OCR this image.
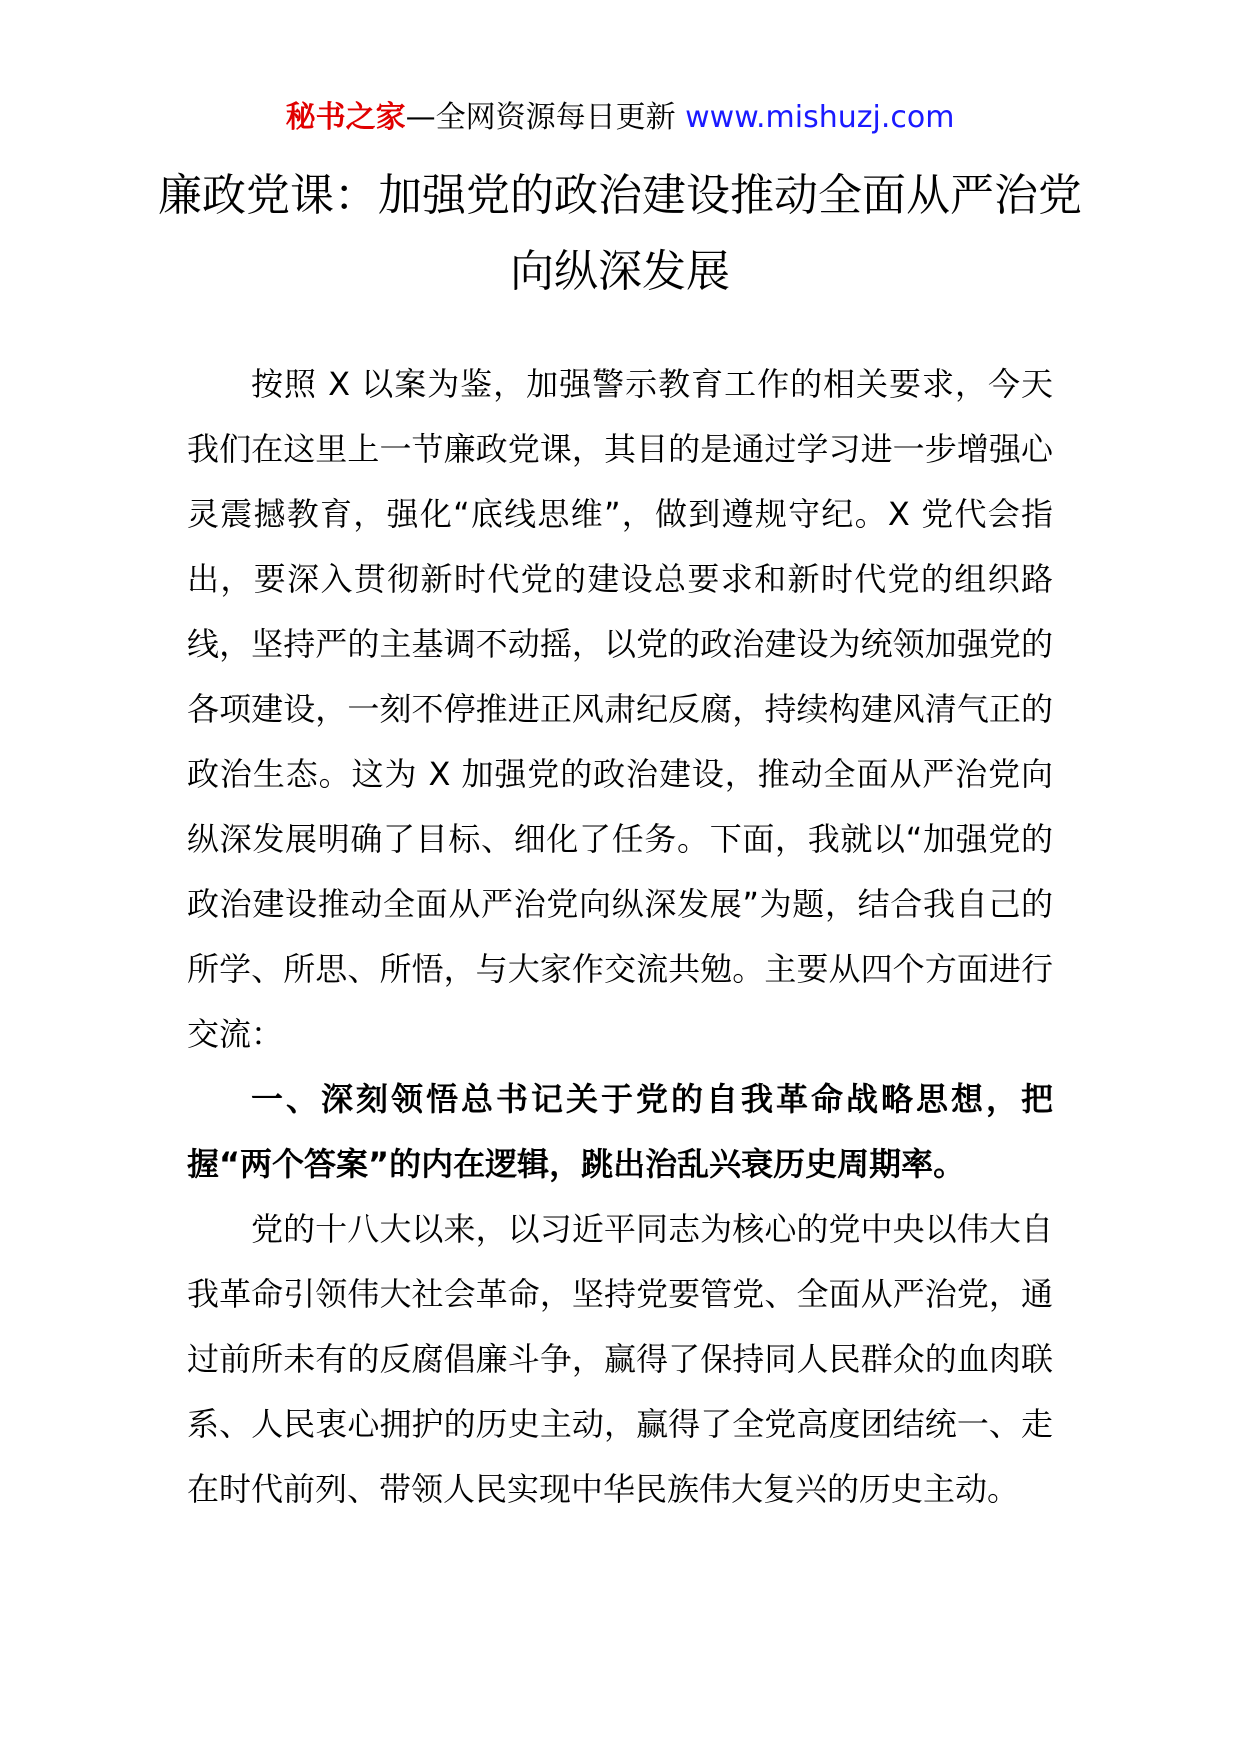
秘书之家—全网资源每日更新 www.mishuzj.com
廉政党课：加强党的政治建设推动全面从严治党向纵深发展

按照 X 以案为鉴，加强警示教育工作的相关要求，今天我们在这里上一节廉政党课，其目的是通过学习进一步增强心灵震撼教育，强化“底线思维”，做到遵规守纪。X 党代会指出，要深入贯彻新时代党的建设总要求和新时代党的组织路线，坚持严的主基调不动摇，以党的政治建设为统领加强党的各项建设，一刻不停推进正风肃纪反腐，持续构建风清气正的政治生态。这为 X 加强党的政治建设，推动全面从严治党向纵深发展明确了目标、细化了任务。下面，我就以“加强党的政治建设推动全面从严治党向纵深发展”为题，结合我自己的所学、所思、所悟，与大家作交流共勉。主要从四个方面进行交流：

一、深刻领悟总书记关于党的自我革命战略思想，把握“两个答案”的内在逻辑，跳出治乱兴衰历史周期率。

党的十八大以来，以习近平同志为核心的党中央以伟大自我革命引领伟大社会革命，坚持党要管党、全面从严治党，通过前所未有的反腐倡廉斗争，赢得了保持同人民群众的血肉联系、人民衷心拥护的历史主动，赢得了全党高度团结统一、走在时代前列、带领人民实现中华民族伟大复兴的历史主动。
